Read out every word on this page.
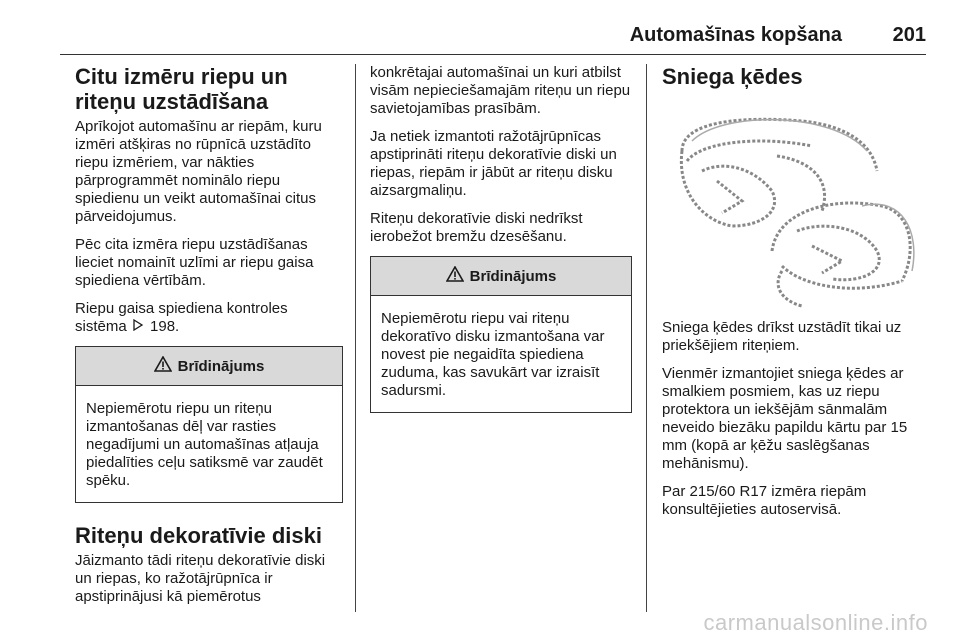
Automašīnas kopšana	201
Citu izmēru riepu un riteņu uzstādīšana

Aprīkojot automašīnu ar riepām, kuru izmēri atšķiras no rūpnīcā uzstādīto riepu izmēriem, var nākties pārprogrammēt nominālo riepu spiedienu un veikt automašīnai citus pārveidojumus.

Pēc cita izmēra riepu uzstādīšanas lieciet nomainīt uzlīmi ar riepu gaisa spiediena vērtībām.

Riepu gaisa spiediena kontroles sistēma 198.

Brīdinājums
Nepiemērotu riepu un riteņu izmantošanas dēļ var rasties negadījumi un automašīnas atļauja piedalīties ceļu satiksmē var zaudēt spēku.
Riteņu dekoratīvie diski

Jāizmanto tādi riteņu dekoratīvie diski un riepas, ko ražotājrūpnīca ir apstiprinājusi kā piemērotus

konkrētajai automašīnai un kuri atbilst visām nepieciešamajām riteņu un riepu savietojamības prasībām.

Ja netiek izmantoti ražotājrūpnīcas apstiprināti riteņu dekoratīvie diski un riepas, riepām ir jābūt ar riteņu disku aizsargmaliņu.

Riteņu dekoratīvie diski nedrīkst ierobežot bremžu dzesēšanu.

Brīdinājums
Nepiemērotu riepu vai riteņu dekoratīvo disku izmantošana var novest pie negaidīta spiediena zuduma, kas savukārt var izraisīt sadursmi.
Sniega ķēdes

Sniega ķēdes drīkst uzstādīt tikai uz priekšējiem riteņiem.

Vienmēr izmantojiet sniega ķēdes ar smalkiem posmiem, kas uz riepu protektora un iekšējām sānmalām neveido biezāku papildu kārtu par 15 mm (kopā ar ķēžu saslēgšanas mehānismu).

Par 215/60 R17 izmēra riepām konsultējieties autoservisā.

carmanualsonline.info
